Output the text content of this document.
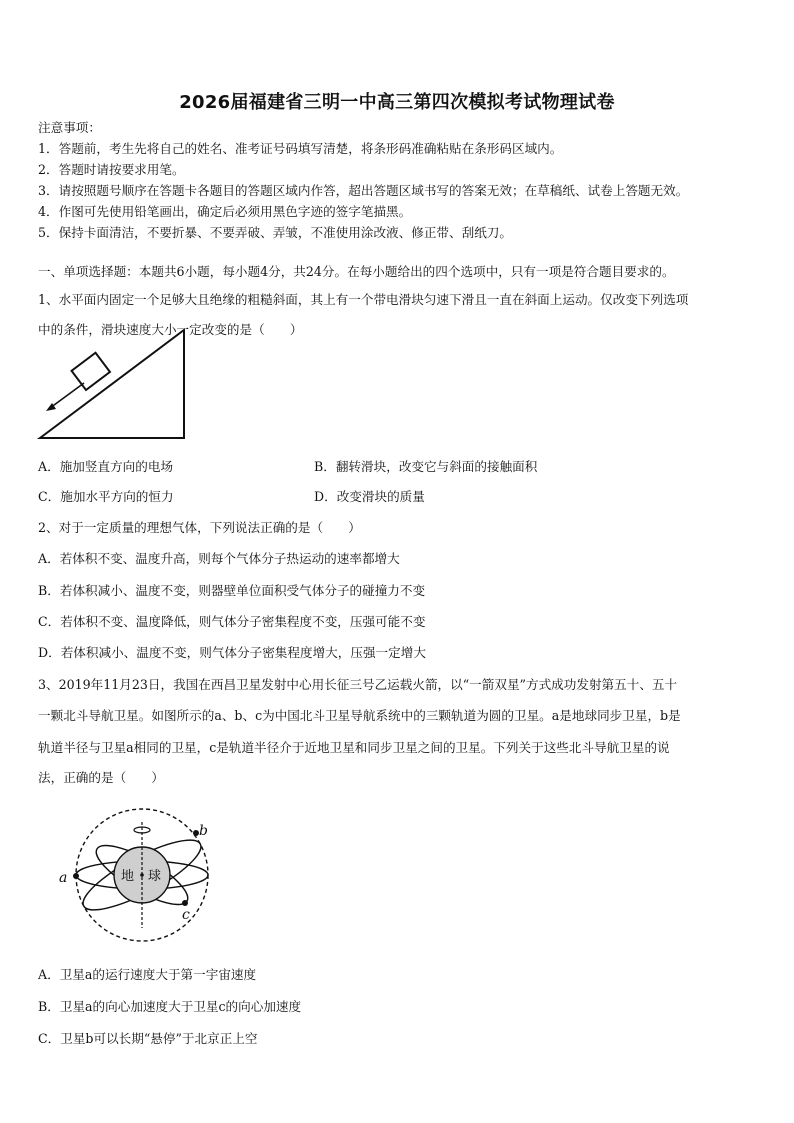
2026届福建省三明一中高三第四次模拟考试物理试卷
注意事项：
1．答题前，考生先将自己的姓名、准考证号码填写清楚，将条形码准确粘贴在条形码区域内。
2．答题时请按要求用笔。
3．请按照题号顺序在答题卡各题目的答题区域内作答，超出答题区域书写的答案无效；在草稿纸、试卷上答题无效。
4．作图可先使用铅笔画出，确定后必须用黑色字迹的签字笔描黑。
5．保持卡面清洁，不要折暴、不要弄破、弄皱，不准使用涂改液、修正带、刮纸刀。
一、单项选择题：本题共6小题，每小题4分，共24分。在每小题给出的四个选项中，只有一项是符合题目要求的。
1、水平面内固定一个足够大且绝缘的粗糙斜面，其上有一个带电滑块匀速下滑且一直在斜面上运动。仅改变下列选项
中的条件，滑块速度大小一定改变的是（　　）
A．施加竖直方向的电场	B．翻转滑块，改变它与斜面的接触面积
C．施加水平方向的恒力	D．改变滑块的质量
2、对于一定质量的理想气体，下列说法正确的是（　　）
A．若体积不变、温度升高，则每个气体分子热运动的速率都增大
B．若体积减小、温度不变，则器壁单位面积受气体分子的碰撞力不变
C．若体积不变、温度降低，则气体分子密集程度不变，压强可能不变
D．若体积减小、温度不变，则气体分子密集程度增大，压强一定增大
3、2019年11月23日，我国在西昌卫星发射中心用长征三号乙运载火箭，以“一箭双星”方式成功发射第五十、五十
一颗北斗导航卫星。如图所示的a、b、c为中国北斗卫星导航系统中的三颗轨道为圆的卫星。a是地球同步卫星，b是
轨道半径与卫星a相同的卫星，c是轨道半径介于近地卫星和同步卫星之间的卫星。下列关于这些北斗导航卫星的说
法，正确的是（　　）
地 球
a
b
c
A．卫星a的运行速度大于第一宇宙速度
B．卫星a的向心加速度大于卫星c的向心加速度
C．卫星b可以长期“悬停”于北京正上空
